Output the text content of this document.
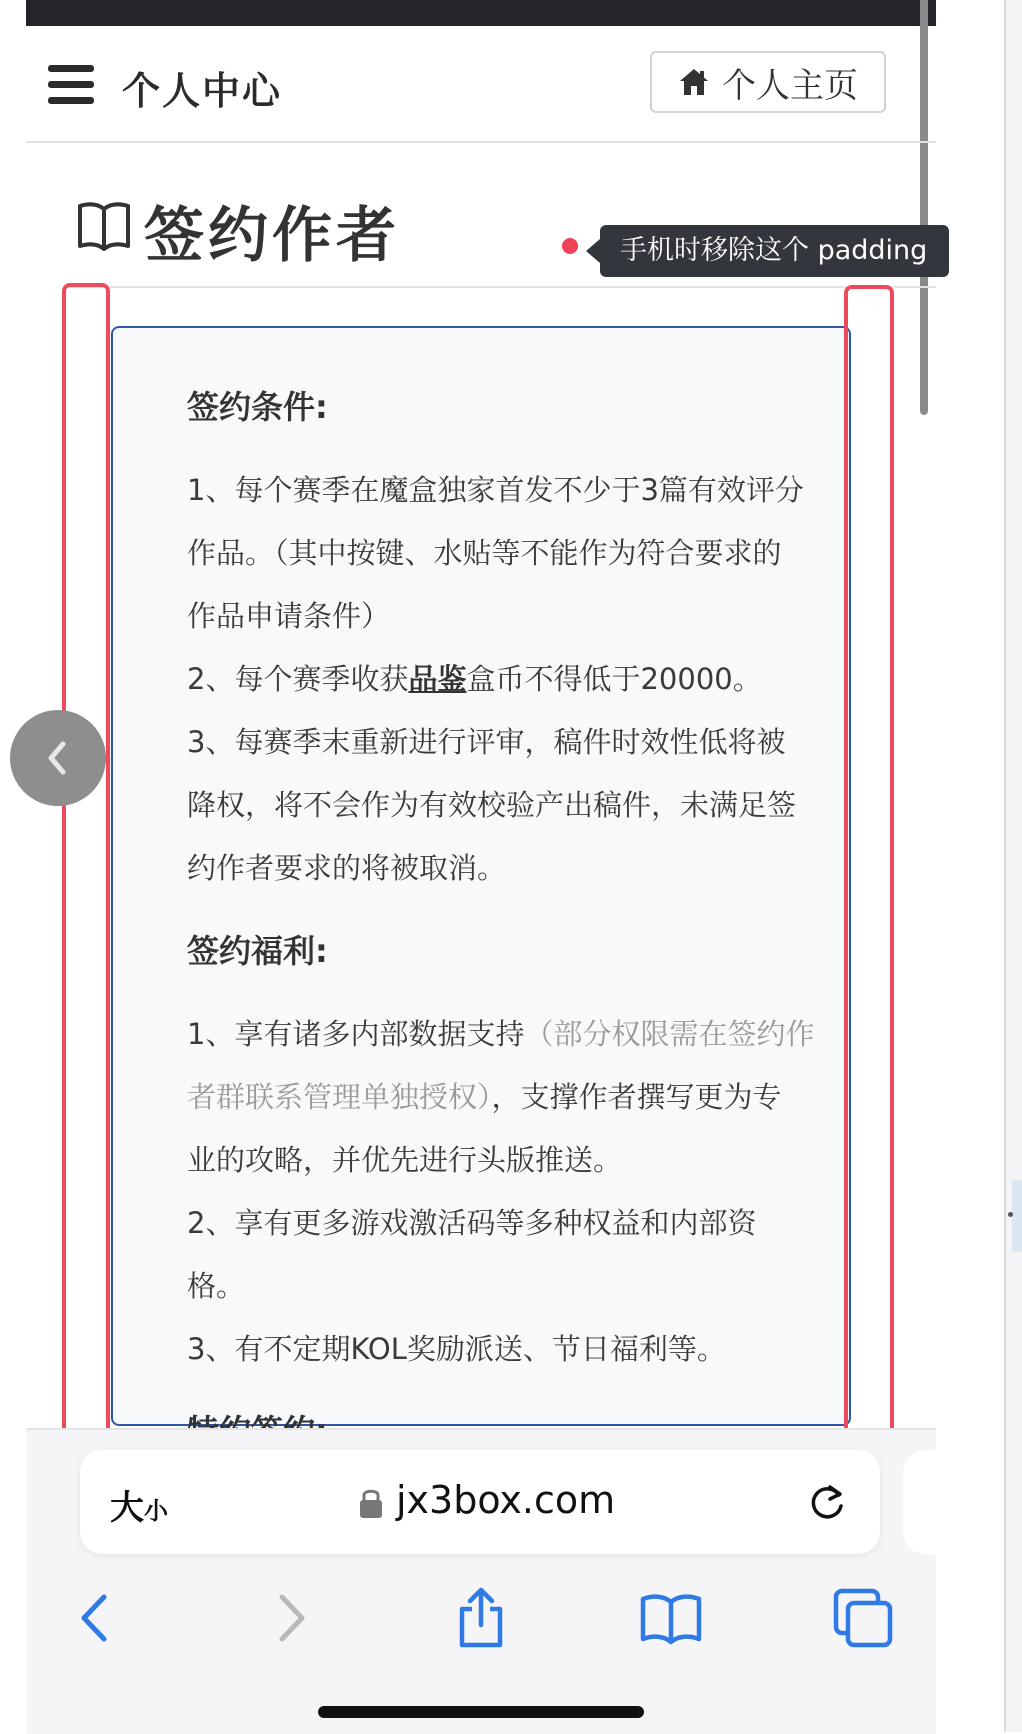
个人中心	个人主页
签约作者	手机时移除这个 padding
签约条件:
1、每个赛季在魔盒独家首发不少于3篇有效评分
作品。（其中按键、水贴等不能作为符合要求的
作品申请条件）
2、每个赛季收获品鉴盒币不得低于20000。
3、每赛季末重新进行评审，稿件时效性低将被
降权，将不会作为有效校验产出稿件，未满足签
约作者要求的将被取消。
签约福利:
1、享有诸多内部数据支持（部分权限需在签约作
者群联系管理单独授权），支撑作者撰写更为专
业的攻略，并优先进行头版推送。
2、享有更多游戏激活码等多种权益和内部资
格。
3、有不定期KOL奖励派送、节日福利等。
大小	jx3box.com
